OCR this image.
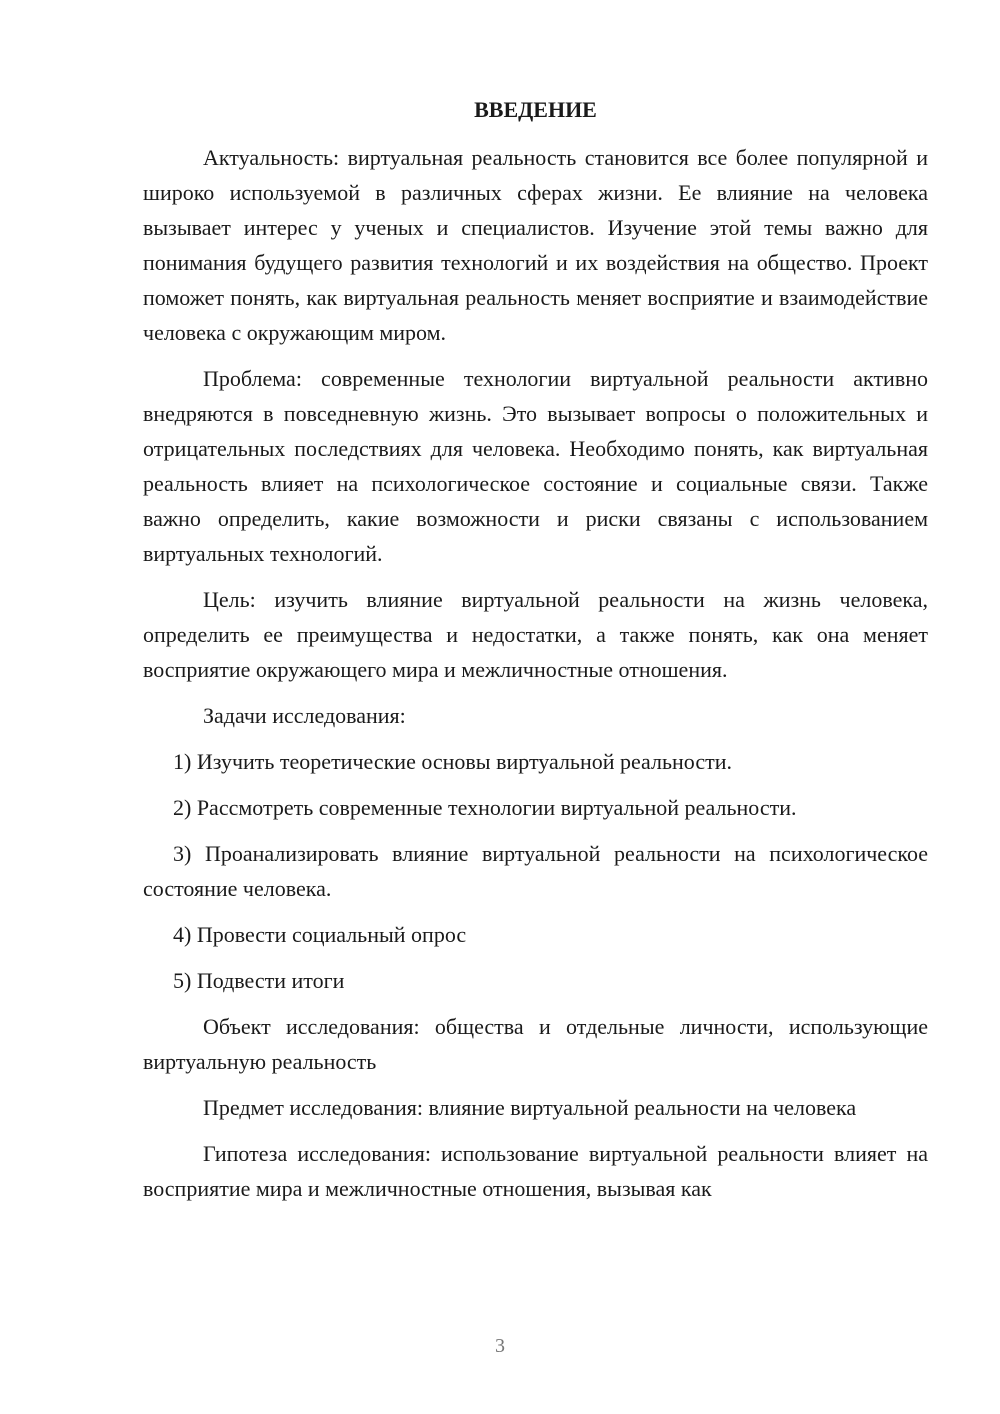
ВВЕДЕНИЕ

Актуальность: виртуальная реальность становится все более популярной и широко используемой в различных сферах жизни. Ее влияние на человека вызывает интерес у ученых и специалистов. Изучение этой темы важно для понимания будущего развития технологий и их воздействия на общество. Проект поможет понять, как виртуальная реальность меняет восприятие и взаимодействие человека с окружающим миром.

Проблема: современные технологии виртуальной реальности активно внедряются в повседневную жизнь. Это вызывает вопросы о положительных и отрицательных последствиях для человека. Необходимо понять, как виртуальная реальность влияет на психологическое состояние и социальные связи. Также важно определить, какие возможности и риски связаны с использованием виртуальных технологий.

Цель: изучить влияние виртуальной реальности на жизнь человека, определить ее преимущества и недостатки, а также понять, как она меняет восприятие окружающего мира и межличностные отношения.

Задачи исследования:

1) Изучить теоретические основы виртуальной реальности.

2) Рассмотреть современные технологии виртуальной реальности.

3) Проанализировать влияние виртуальной реальности на психологическое состояние человека.

4) Провести социальный опрос

5) Подвести итоги

Объект исследования: общества и отдельные личности, использующие виртуальную реальность

Предмет исследования: влияние виртуальной реальности на человека

Гипотеза исследования: использование виртуальной реальности влияет на восприятие мира и межличностные отношения, вызывая как

3
